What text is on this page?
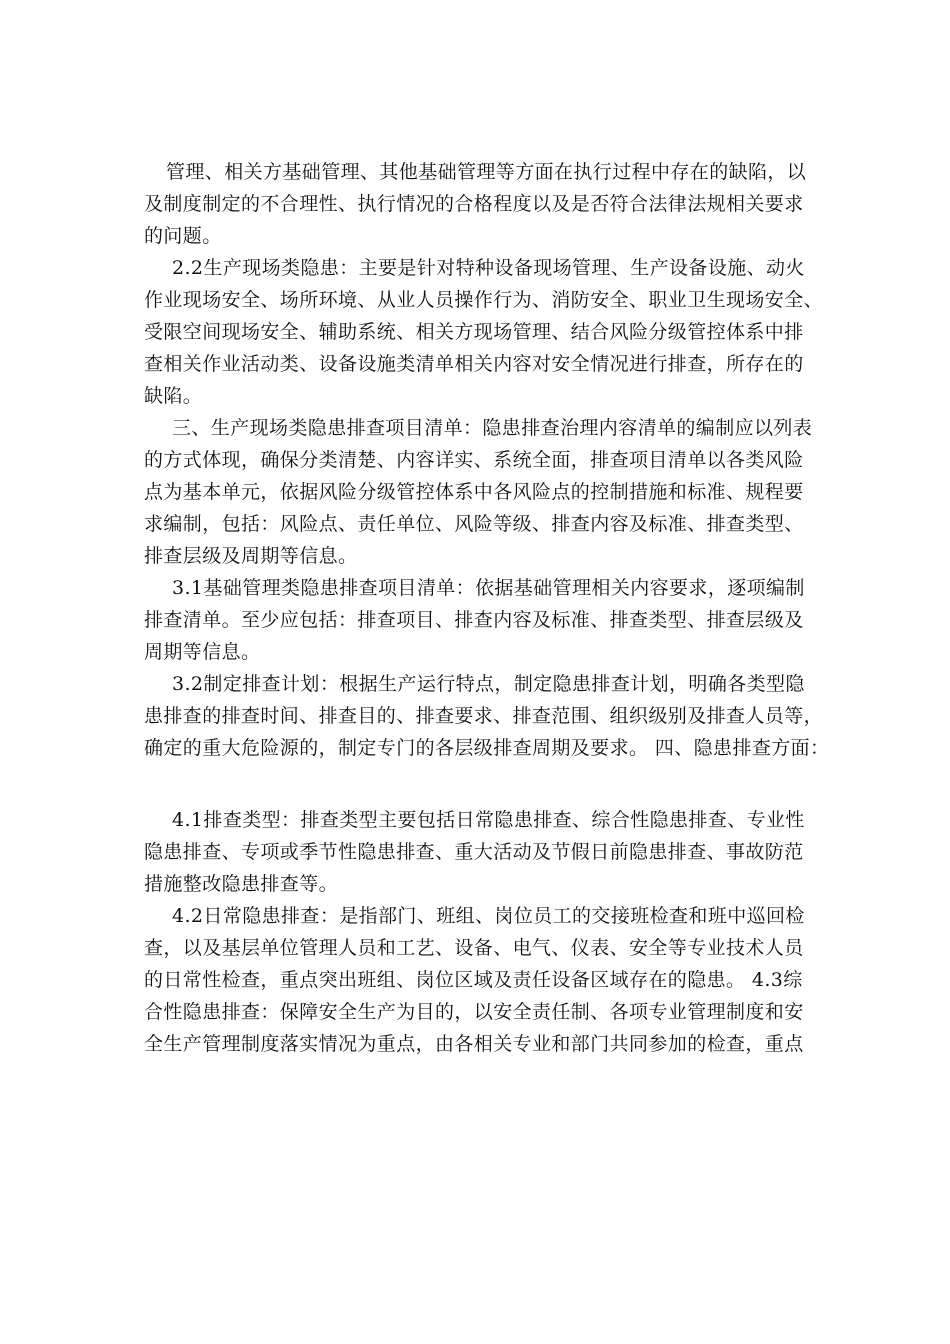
管理、相关方基础管理、其他基础管理等方面在执行过程中存在的缺陷，以
及制度制定的不合理性、执行情况的合格程度以及是否符合法律法规相关要求
的问题。
2.2生产现场类隐患：主要是针对特种设备现场管理、生产设备设施、动火
作业现场安全、场所环境、从业人员操作行为、消防安全、职业卫生现场安全、
受限空间现场安全、辅助系统、相关方现场管理、结合风险分级管控体系中排
查相关作业活动类、设备设施类清单相关内容对安全情况进行排查，所存在的
缺陷。
三、生产现场类隐患排查项目清单：隐患排查治理内容清单的编制应以列表
的方式体现，确保分类清楚、内容详实、系统全面，排查项目清单以各类风险
点为基本单元，依据风险分级管控体系中各风险点的控制措施和标准、规程要
求编制，包括：风险点、责任单位、风险等级、排查内容及标准、排查类型、
排查层级及周期等信息。
3.1基础管理类隐患排查项目清单：依据基础管理相关内容要求，逐项编制
排查清单。至少应包括：排查项目、排查内容及标准、排查类型、排查层级及
周期等信息。
3.2制定排查计划：根据生产运行特点，制定隐患排查计划，明确各类型隐
患排查的排查时间、排查目的、排查要求、排查范围、组织级别及排查人员等，
确定的重大危险源的，制定专门的各层级排查周期及要求。 四、隐患排查方面：
4.1排查类型：排查类型主要包括日常隐患排查、综合性隐患排查、专业性
隐患排查、专项或季节性隐患排查、重大活动及节假日前隐患排查、事故防范
措施整改隐患排查等。
4.2日常隐患排查：是指部门、班组、岗位员工的交接班检查和班中巡回检
查，以及基层单位管理人员和工艺、设备、电气、仪表、安全等专业技术人员
的日常性检查，重点突出班组、岗位区域及责任设备区域存在的隐患。 4.3综
合性隐患排查：保障安全生产为目的，以安全责任制、各项专业管理制度和安
全生产管理制度落实情况为重点，由各相关专业和部门共同参加的检查，重点
